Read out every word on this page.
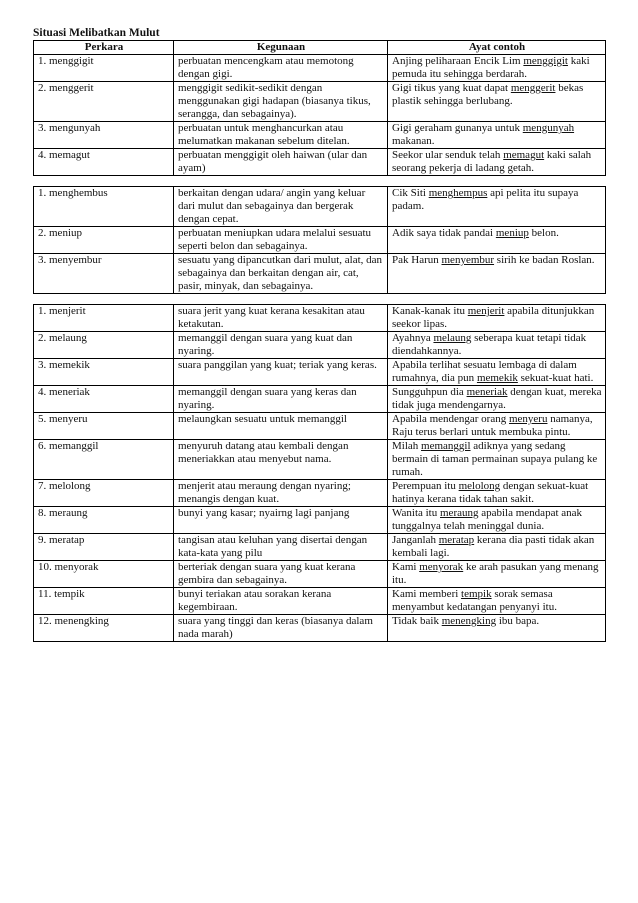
Situasi Melibatkan Mulut
Perkara	Kegunaan	Ayat contoh
1. menggigit	perbuatan mencengkam atau memotong dengan gigi.	Anjing peliharaan Encik Lim menggigit kaki pemuda itu sehingga berdarah.
2. menggerit	menggigit sedikit-sedikit dengan menggunakan gigi hadapan (biasanya tikus, serangga, dan sebagainya).	Gigi tikus yang kuat dapat menggerit bekas plastik sehingga berlubang.
3. mengunyah	perbuatan untuk menghancurkan atau melumatkan makanan sebelum ditelan.	Gigi geraham gunanya untuk mengunyah makanan.
4. memagut	perbuatan menggigit oleh haiwan (ular dan ayam)	Seekor ular senduk telah memagut kaki salah seorang pekerja di ladang getah.

1. menghembus	berkaitan dengan udara/ angin yang keluar dari mulut dan sebagainya dan bergerak dengan cepat.	Cik Siti menghempus api pelita itu supaya padam.
2. meniup	perbuatan meniupkan udara melalui sesuatu seperti belon dan sebagainya.	Adik saya tidak pandai meniup belon.
3. menyembur	sesuatu yang dipancutkan dari mulut, alat, dan sebagainya dan berkaitan dengan air, cat, pasir, minyak, dan sebagainya.	Pak Harun menyembur sirih ke badan Roslan.

1. menjerit	suara jerit yang kuat kerana kesakitan atau ketakutan.	Kanak-kanak itu menjerit apabila ditunjukkan seekor lipas.
2. melaung	memanggil dengan suara yang kuat dan nyaring.	Ayahnya melaung seberapa kuat tetapi tidak diendahkannya.
3. memekik	suara panggilan yang kuat; teriak yang keras.	Apabila terlihat sesuatu lembaga di dalam rumahnya, dia pun memekik sekuat-kuat hati.
4. meneriak	memanggil dengan suara yang keras dan nyaring.	Sungguhpun dia meneriak dengan kuat, mereka tidak juga mendengarnya.
5. menyeru	melaungkan sesuatu untuk memanggil	Apabila mendengar orang menyeru namanya, Raju terus berlari untuk membuka pintu.
6. memanggil	menyuruh datang atau kembali dengan meneriakkan atau menyebut nama.	Milah memanggil adiknya yang sedang bermain di taman permainan supaya pulang ke rumah.
7. melolong	menjerit atau meraung dengan nyaring; menangis dengan kuat.	Perempuan itu melolong dengan sekuat-kuat hatinya kerana tidak tahan sakit.
8. meraung	bunyi yang kasar; nyairng lagi panjang	Wanita itu meraung apabila mendapat anak tunggalnya telah meninggal dunia.
9. meratap	tangisan atau keluhan yang disertai dengan kata-kata yang pilu	Janganlah meratap kerana dia pasti tidak akan kembali lagi.
10. menyorak	berteriak dengan suara yang kuat kerana gembira dan sebagainya.	Kami menyorak ke arah pasukan yang menang itu.
11. tempik	bunyi teriakan atau sorakan kerana kegembiraan.	Kami memberi tempik sorak semasa menyambut kedatangan penyanyi itu.
12. menengking	suara yang tinggi dan keras (biasanya dalam nada marah)	Tidak baik menengking ibu bapa.
